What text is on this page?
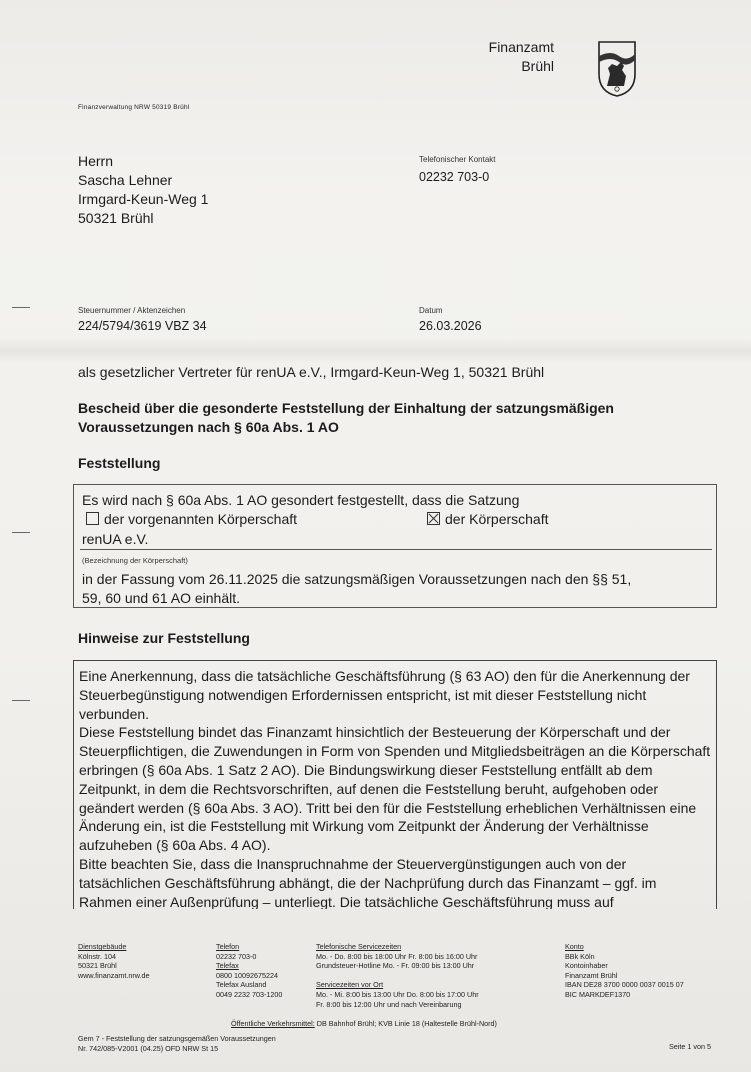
Finanzamt
Brühl
Finanzverwaltung NRW 50319 Brühl
Herrn
Sascha Lehner
Irmgard-Keun-Weg 1
50321 Brühl
Telefonischer Kontakt
02232 703-0
Steuernummer / Aktenzeichen
224/5794/3619 VBZ 34
Datum
26.03.2026
als gesetzlicher Vertreter für renUA e.V., Irmgard-Keun-Weg 1, 50321 Brühl
Bescheid über die gesonderte Feststellung der Einhaltung der satzungsmäßigen Voraussetzungen nach § 60a Abs. 1 AO
Feststellung
Es wird nach § 60a Abs. 1 AO gesondert festgestellt, dass die Satzung
der vorgenannten Körperschaft	der Körperschaft
renUA e.V.
(Bezeichnung der Körperschaft)
in der Fassung vom 26.11.2025 die satzungsmäßigen Voraussetzungen nach den §§ 51,
59, 60 und 61 AO einhält.
Hinweise zur Feststellung

Eine Anerkennung, dass die tatsächliche Geschäftsführung (§ 63 AO) den für die Anerkennung der Steuerbegünstigung notwendigen Erfordernissen entspricht, ist mit dieser Feststellung nicht verbunden.

Diese Feststellung bindet das Finanzamt hinsichtlich der Besteuerung der Körperschaft und der Steuerpflichtigen, die Zuwendungen in Form von Spenden und Mitgliedsbeiträgen an die Körperschaft erbringen (§ 60a Abs. 1 Satz 2 AO). Die Bindungswirkung dieser Feststellung entfällt ab dem Zeitpunkt, in dem die Rechtsvorschriften, auf denen die Feststellung beruht, aufgehoben oder geändert werden (§ 60a Abs. 3 AO). Tritt bei den für die Feststellung erheblichen Verhältnissen eine Änderung ein, ist die Feststellung mit Wirkung vom Zeitpunkt der Änderung der Verhältnisse aufzuheben (§ 60a Abs. 4 AO).

Bitte beachten Sie, dass die Inanspruchnahme der Steuervergünstigungen auch von der tatsächlichen Geschäftsführung abhängt, die der Nachprüfung durch das Finanzamt – ggf. im Rahmen einer Außenprüfung – unterliegt. Die tatsächliche Geschäftsführung muss auf

Dienstgebäude
Kölnstr. 104
50321 Brühl
www.finanzamt.nrw.de
Telefon
02232 703-0
Telefax
0800 10092675224
Telefax Ausland
0049 2232 703-1200
Telefonische Servicezeiten
Mo. - Do. 8:00 bis 18:00 Uhr Fr. 8:00 bis 16:00 Uhr
Grundsteuer-Hotline Mo. - Fr. 09:00 bis 13:00 Uhr
Servicezeiten vor Ort
Mo. - Mi. 8:00 bis 13:00 Uhr Do. 8:00 bis 17:00 Uhr
Fr. 8:00 bis 12:00 Uhr und nach Vereinbarung
Konto
BBk Köln
Kontoinhaber
Finanzamt Brühl
IBAN DE28 3700 0000 0037 0015 07
BIC MARKDEF1370
Öffentliche Verkehrsmittel: DB Bahnhof Brühl; KVB Linie 18 (Haltestelle Brühl-Nord)
Gem 7 - Feststellung der satzungsgemäßen Voraussetzungen
Nr. 742/085-V2001 (04.25) OFD NRW St 15	Seite 1 von 5
